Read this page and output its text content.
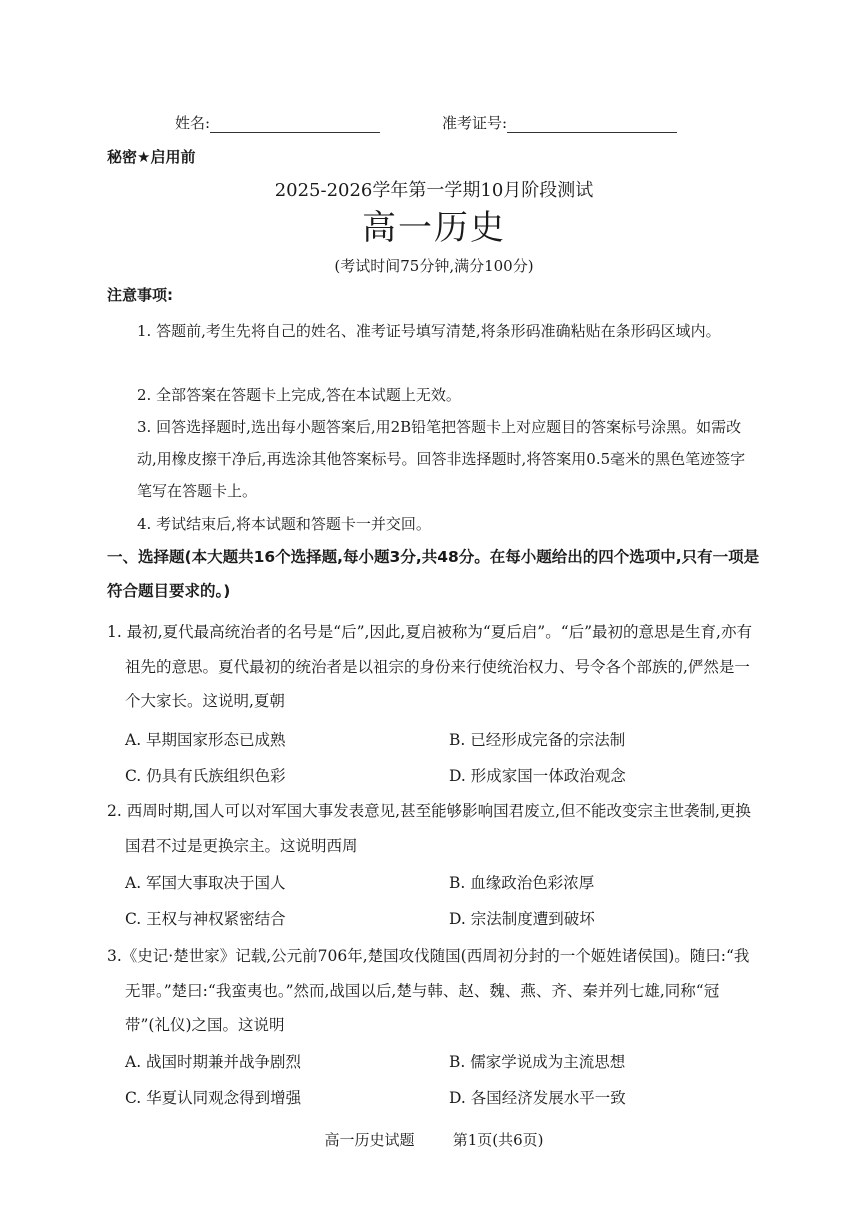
姓名:	准考证号:
秘密★启用前
2025-2026学年第一学期10月阶段测试
高一历史
(考试时间75分钟,满分100分)
注意事项:
1. 答题前,考生先将自己的姓名、准考证号填写清楚,将条形码准确粘贴在条形码区域内。
2. 全部答案在答题卡上完成,答在本试题上无效。
3. 回答选择题时,选出每小题答案后,用2B铅笔把答题卡上对应题目的答案标号涂黑。如需改动,用橡皮擦干净后,再选涂其他答案标号。回答非选择题时,将答案用0.5毫米的黑色笔迹签字笔写在答题卡上。
4. 考试结束后,将本试题和答题卡一并交回。
一、选择题(本大题共16个选择题,每小题3分,共48分。在每小题给出的四个选项中,只有一项是符合题目要求的。)
1. 最初,夏代最高统治者的名号是“后”,因此,夏启被称为“夏后启”。“后”最初的意思是生育,亦有祖先的意思。夏代最初的统治者是以祖宗的身份来行使统治权力、号令各个部族的,俨然是一个大家长。这说明,夏朝
A. 早期国家形态已成熟	B. 已经形成完备的宗法制
C. 仍具有氏族组织色彩	D. 形成家国一体政治观念
2. 西周时期,国人可以对军国大事发表意见,甚至能够影响国君废立,但不能改变宗主世袭制,更换国君不过是更换宗主。这说明西周
A. 军国大事取决于国人	B. 血缘政治色彩浓厚
C. 王权与神权紧密结合	D. 宗法制度遭到破坏
3.《史记·楚世家》记载,公元前706年,楚国攻伐随国(西周初分封的一个姬姓诸侯国)。随曰:“我无罪。”楚曰:“我蛮夷也。”然而,战国以后,楚与韩、赵、魏、燕、齐、秦并列七雄,同称“冠带”(礼仪)之国。这说明
A. 战国时期兼并战争剧烈	B. 儒家学说成为主流思想
C. 华夏认同观念得到增强	D. 各国经济发展水平一致
高一历史试题	第1页(共6页)
